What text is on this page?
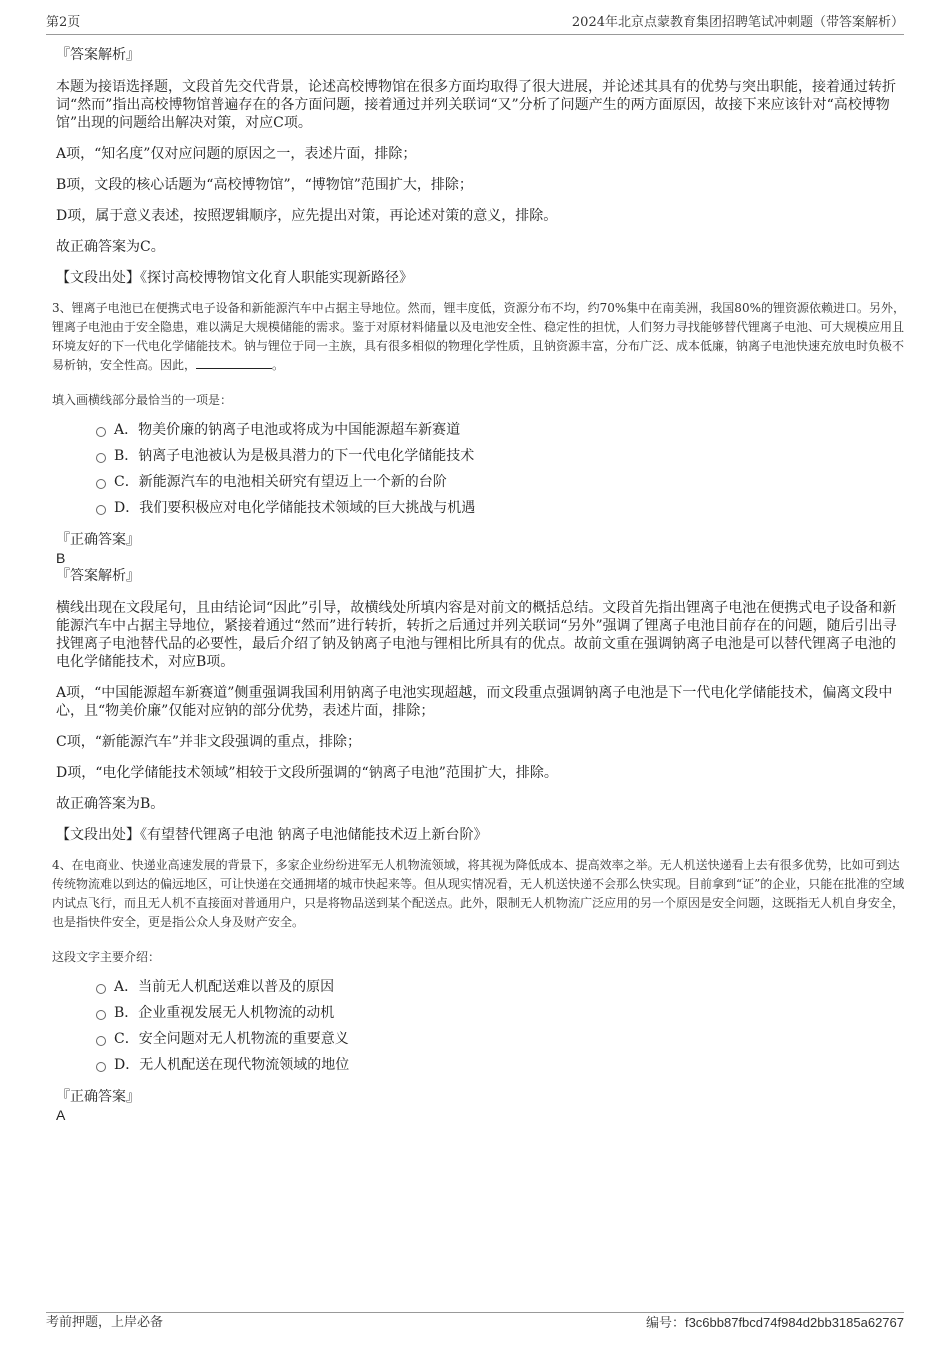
第2页	2024年北京点蒙教育集团招聘笔试冲刺题（带答案解析）

『答案解析』

本题为接语选择题，文段首先交代背景，论述高校博物馆在很多方面均取得了很大进展，并论述其具有的优势与突出职能，接着通过转折词“然而”指出高校博物馆普遍存在的各方面问题，接着通过并列关联词“又”分析了问题产生的两方面原因，故接下来应该针对“高校博物馆”出现的问题给出解决对策，对应C项。

A项，“知名度”仅对应问题的原因之一，表述片面，排除；

B项，文段的核心话题为“高校博物馆”，“博物馆”范围扩大，排除；

D项，属于意义表述，按照逻辑顺序，应先提出对策，再论述对策的意义，排除。

故正确答案为C。

【文段出处】《探讨高校博物馆文化育人职能实现新路径》

3、锂离子电池已在便携式电子设备和新能源汽车中占据主导地位。然而，锂丰度低，资源分布不均，约70%集中在南美洲，我国80%的锂资源依赖进口。另外，锂离子电池由于安全隐患，难以满足大规模储能的需求。鉴于对原材料储量以及电池安全性、稳定性的担忧，人们努力寻找能够替代锂离子电池、可大规模应用且环境友好的下一代电化学储能技术。钠与锂位于同一主族，具有很多相似的物理化学性质，且钠资源丰富，分布广泛、成本低廉，钠离子电池快速充放电时负极不易析钠，安全性高。因此，	。

填入画横线部分最恰当的一项是：

A．物美价廉的钠离子电池或将成为中国能源超车新赛道
B．钠离子电池被认为是极具潜力的下一代电化学储能技术
C．新能源汽车的电池相关研究有望迈上一个新的台阶
D．我们要积极应对电化学储能技术领域的巨大挑战与机遇

『正确答案』

B

『答案解析』

横线出现在文段尾句，且由结论词“因此”引导，故横线处所填内容是对前文的概括总结。文段首先指出锂离子电池在便携式电子设备和新能源汽车中占据主导地位，紧接着通过“然而”进行转折，转折之后通过并列关联词“另外”强调了锂离子电池目前存在的问题，随后引出寻找锂离子电池替代品的必要性，最后介绍了钠及钠离子电池与锂相比所具有的优点。故前文重在强调钠离子电池是可以替代锂离子电池的电化学储能技术，对应B项。

A项，“中国能源超车新赛道”侧重强调我国利用钠离子电池实现超越，而文段重点强调钠离子电池是下一代电化学储能技术，偏离文段中心，且“物美价廉”仅能对应钠的部分优势，表述片面，排除；

C项，“新能源汽车”并非文段强调的重点，排除；

D项，“电化学储能技术领域”相较于文段所强调的“钠离子电池”范围扩大，排除。

故正确答案为B。

【文段出处】《有望替代锂离子电池 钠离子电池储能技术迈上新台阶》

4、在电商业、快递业高速发展的背景下，多家企业纷纷进军无人机物流领域，将其视为降低成本、提高效率之举。无人机送快递看上去有很多优势，比如可到达传统物流难以到达的偏远地区，可让快递在交通拥堵的城市快起来等。但从现实情况看，无人机送快递不会那么快实现。目前拿到“证”的企业，只能在批准的空域内试点飞行，而且无人机不直接面对普通用户，只是将物品送到某个配送点。此外，限制无人机物流广泛应用的另一个原因是安全问题，这既指无人机自身安全，也是指快件安全，更是指公众人身及财产安全。

这段文字主要介绍：

A．当前无人机配送难以普及的原因
B．企业重视发展无人机物流的动机
C．安全问题对无人机物流的重要意义
D．无人机配送在现代物流领域的地位

『正确答案』

A

考前押题，上岸必备	编号：f3c6bb87fbcd74f984d2bb3185a62767
